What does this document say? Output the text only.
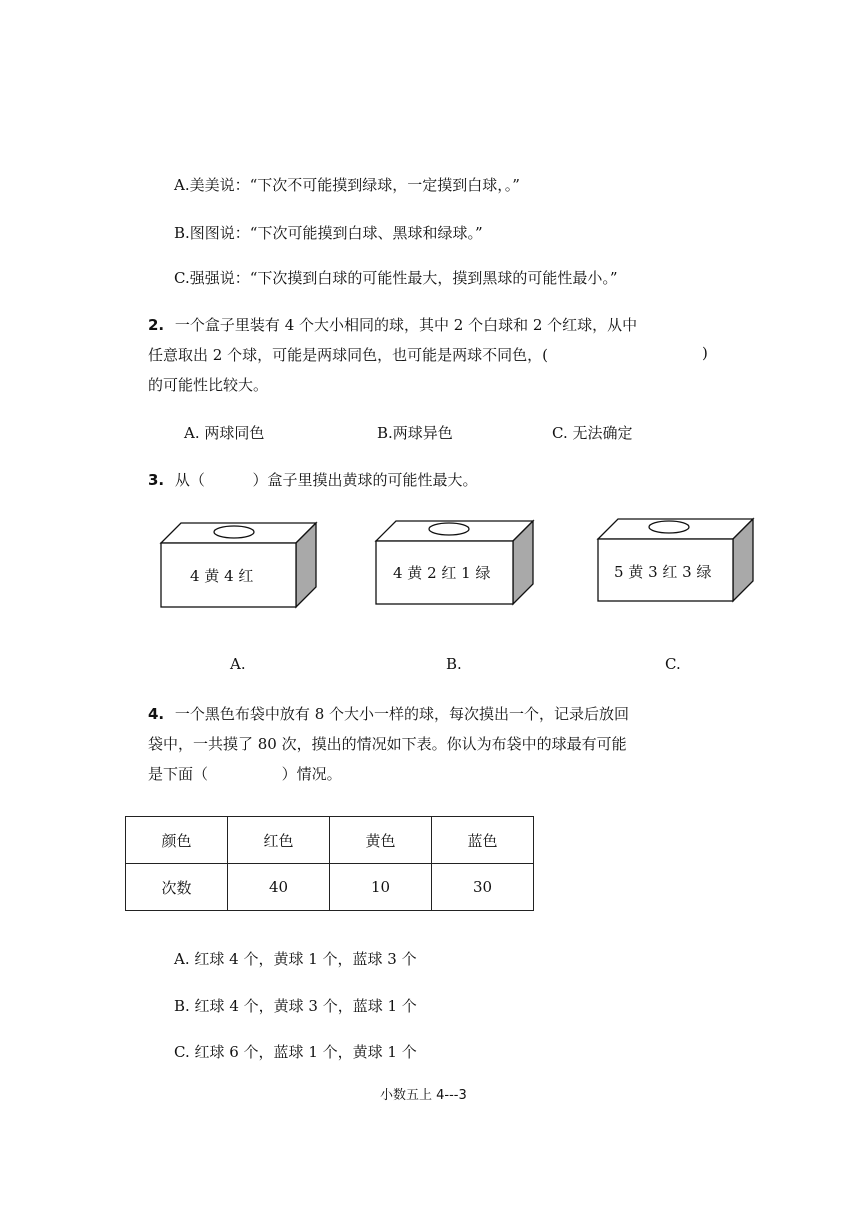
A.美美说：“下次不可能摸到绿球，一定摸到白球，。”
B.图图说：“下次可能摸到白球、黑球和绿球。”
C.强强说：“下次摸到白球的可能性最大，摸到黑球的可能性最小。”
2. 一个盒子里装有 4 个大小相同的球，其中 2 个白球和 2 个红球，从中
任意取出 2 个球，可能是两球同色，也可能是两球不同色，(	)
的可能性比较大。
A. 两球同色	B.两球异色	C. 无法确定
3. 从（	）盒子里摸出黄球的可能性最大。
4 黄 4 红	4 黄 2 红 1 绿	5 黄 3 红 3 绿
A.	B.	C.
4. 一个黑色布袋中放有 8 个大小一样的球，每次摸出一个，记录后放回
袋中，一共摸了 80 次，摸出的情况如下表。你认为布袋中的球最有可能
是下面（	）情况。
颜色	红色	黄色	蓝色
次数	40	10	30
A. 红球 4 个，黄球 1 个，蓝球 3 个
B. 红球 4 个，黄球 3 个，蓝球 1 个
C. 红球 6 个，蓝球 1 个，黄球 1 个
小数五上 4---3
